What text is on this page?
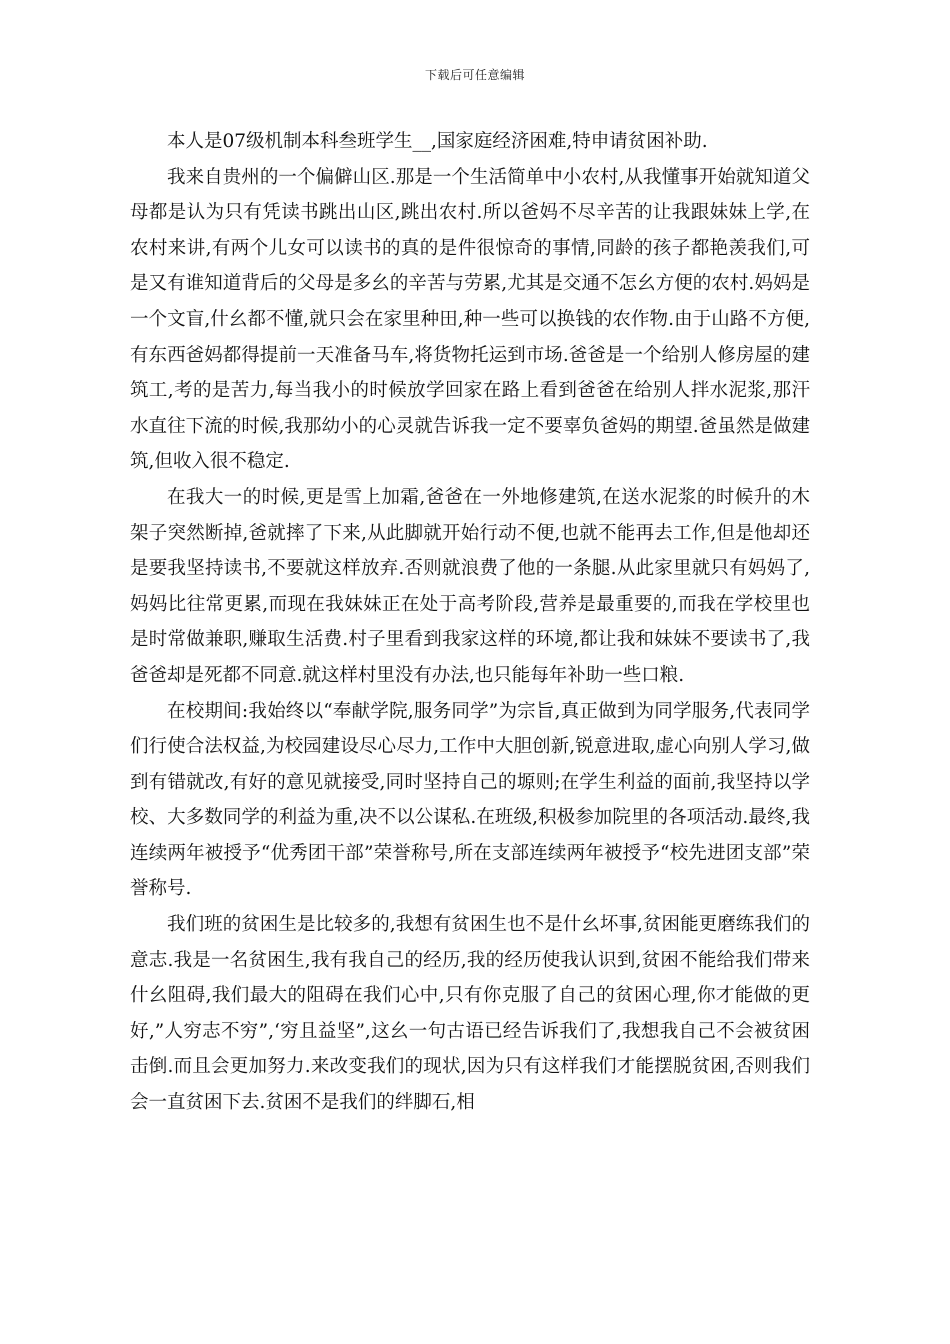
下载后可任意编辑

本人是07级机制本科叁班学生__,国家庭经济困难,特申请贫困补助.

我来自贵州的一个偏僻山区.那是一个生活简单中小农村,从我懂事开始就知道父母都是认为只有凭读书跳出山区,跳出农村.所以爸妈不尽辛苦的让我跟妹妹上学,在农村来讲,有两个儿女可以读书的真的是件很惊奇的事情,同龄的孩子都艳羡我们,可是又有谁知道背后的父母是多幺的辛苦与劳累,尤其是交通不怎幺方便的农村.妈妈是一个文盲,什幺都不懂,就只会在家里种田,种一些可以换钱的农作物.由于山路不方便,有东西爸妈都得提前一天准备马车,将货物托运到市场.爸爸是一个给别人修房屋的建筑工,考的是苦力,每当我小的时候放学回家在路上看到爸爸在给别人拌水泥浆,那汗水直往下流的时候,我那幼小的心灵就告诉我一定不要辜负爸妈的期望.爸虽然是做建筑,但收入很不稳定.

在我大一的时候,更是雪上加霜,爸爸在一外地修建筑,在送水泥浆的时候升的木架子突然断掉,爸就摔了下来,从此脚就开始行动不便,也就不能再去工作,但是他却还是要我坚持读书,不要就这样放弃.否则就浪费了他的一条腿.从此家里就只有妈妈了,妈妈比往常更累,而现在我妹妹正在处于高考阶段,营养是最重要的,而我在学校里也是时常做兼职,赚取生活费.村子里看到我家这样的环境,都让我和妹妹不要读书了,我爸爸却是死都不同意.就这样村里没有办法,也只能每年补助一些口粮.

在校期间:我始终以“奉献学院,服务同学”为宗旨,真正做到为同学服务,代表同学们行使合法权益,为校园建设尽心尽力,工作中大胆创新,锐意进取,虚心向别人学习,做到有错就改,有好的意见就接受,同时坚持自己的塬则;在学生利益的面前,我坚持以学校、大多数同学的利益为重,决不以公谋私.在班级,积极参加院里的各项活动.最终,我连续两年被授予“优秀团干部”荣誉称号,所在支部连续两年被授予“校先进团支部”荣誉称号.

我们班的贫困生是比较多的,我想有贫困生也不是什幺坏事,贫困能更磨练我们的意志.我是一名贫困生,我有我自己的经历,我的经历使我认识到,贫困不能给我们带来什幺阻碍,我们最大的阻碍在我们心中,只有你克服了自己的贫困心理,你才能做的更好,”人穷志不穷”,‘穷且益坚”,这幺一句古语已经告诉我们了,我想我自己不会被贫困击倒.而且会更加努力.来改变我们的现状,因为只有这样我们才能摆脱贫困,否则我们会一直贫困下去.贫困不是我们的绊脚石,相
